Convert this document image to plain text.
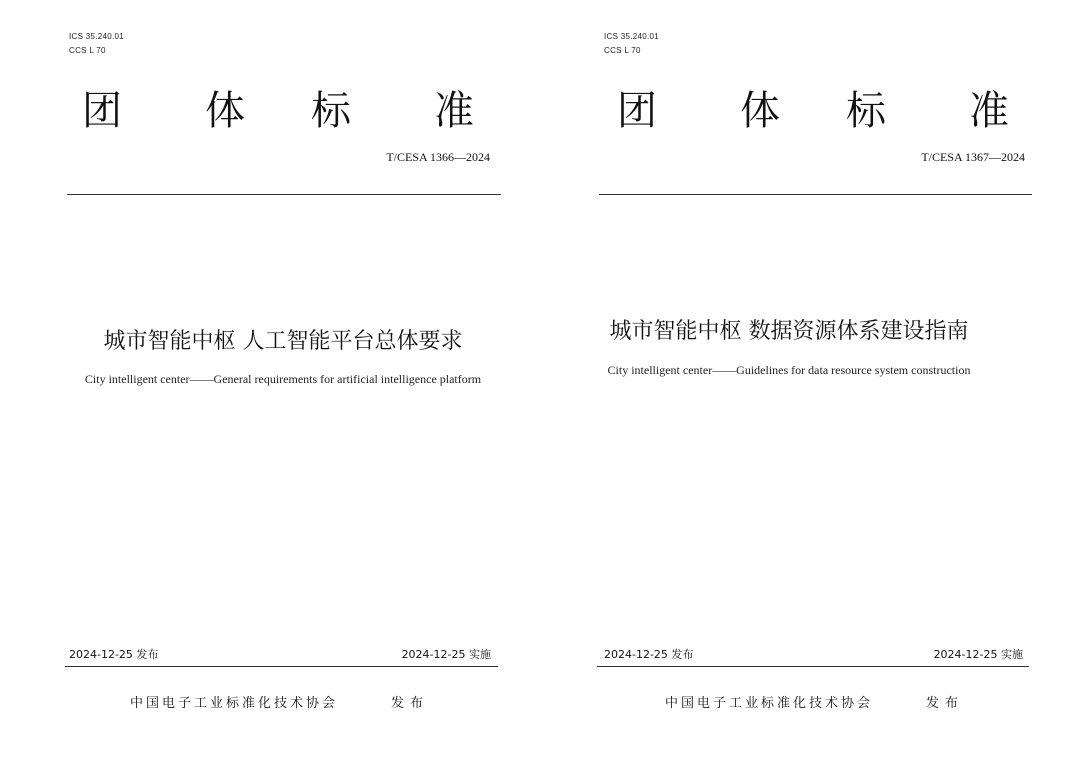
ICS 35.240.01
CCS L 70
团 体 标 准
T/CESA 1366—2024
城市智能中枢 人工智能平台总体要求
City intelligent center——General requirements for artificial intelligence platform
2024-12-25 发布	2024-12-25 实施
中国电子工业标准化技术协会	发布
ICS 35.240.01
CCS L 70
团 体 标 准
T/CESA 1367—2024
城市智能中枢 数据资源体系建设指南
City intelligent center——Guidelines for data resource system construction
2024-12-25 发布	2024-12-25 实施
中国电子工业标准化技术协会	发布
